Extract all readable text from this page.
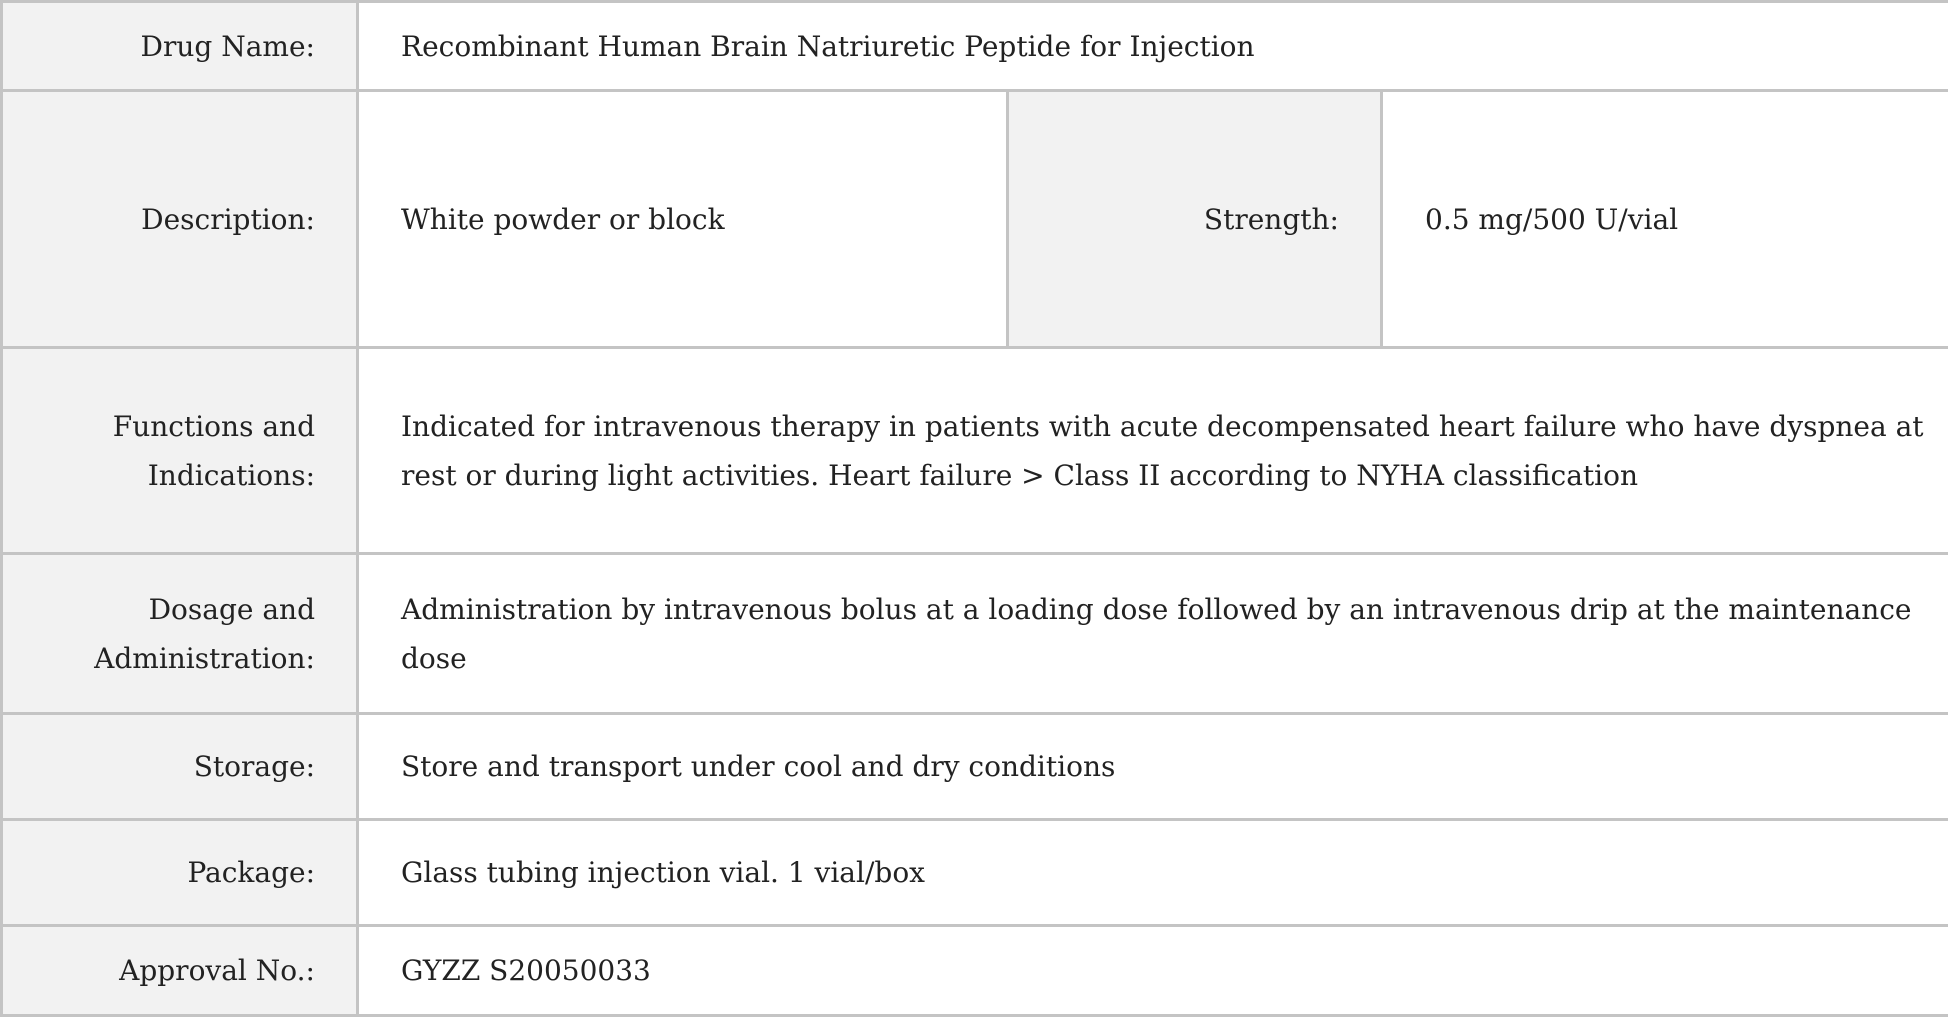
Drug Name:	Recombinant Human Brain Natriuretic Peptide for Injection		
Description:	White powder or block	Strength:	0.5 mg/500 U/vial
Functions and
Indications:	Indicated for intravenous therapy in patients with acute decompensated heart failure who have dyspnea at rest or during light activities. Heart failure > Class II according to NYHA classification		
Dosage and
Administration:	Administration by intravenous bolus at a loading dose followed by an intravenous drip at the maintenance dose		
Storage:	Store and transport under cool and dry conditions		
Package:	Glass tubing injection vial. 1 vial/box		
Approval No.:	GYZZ S20050033		
